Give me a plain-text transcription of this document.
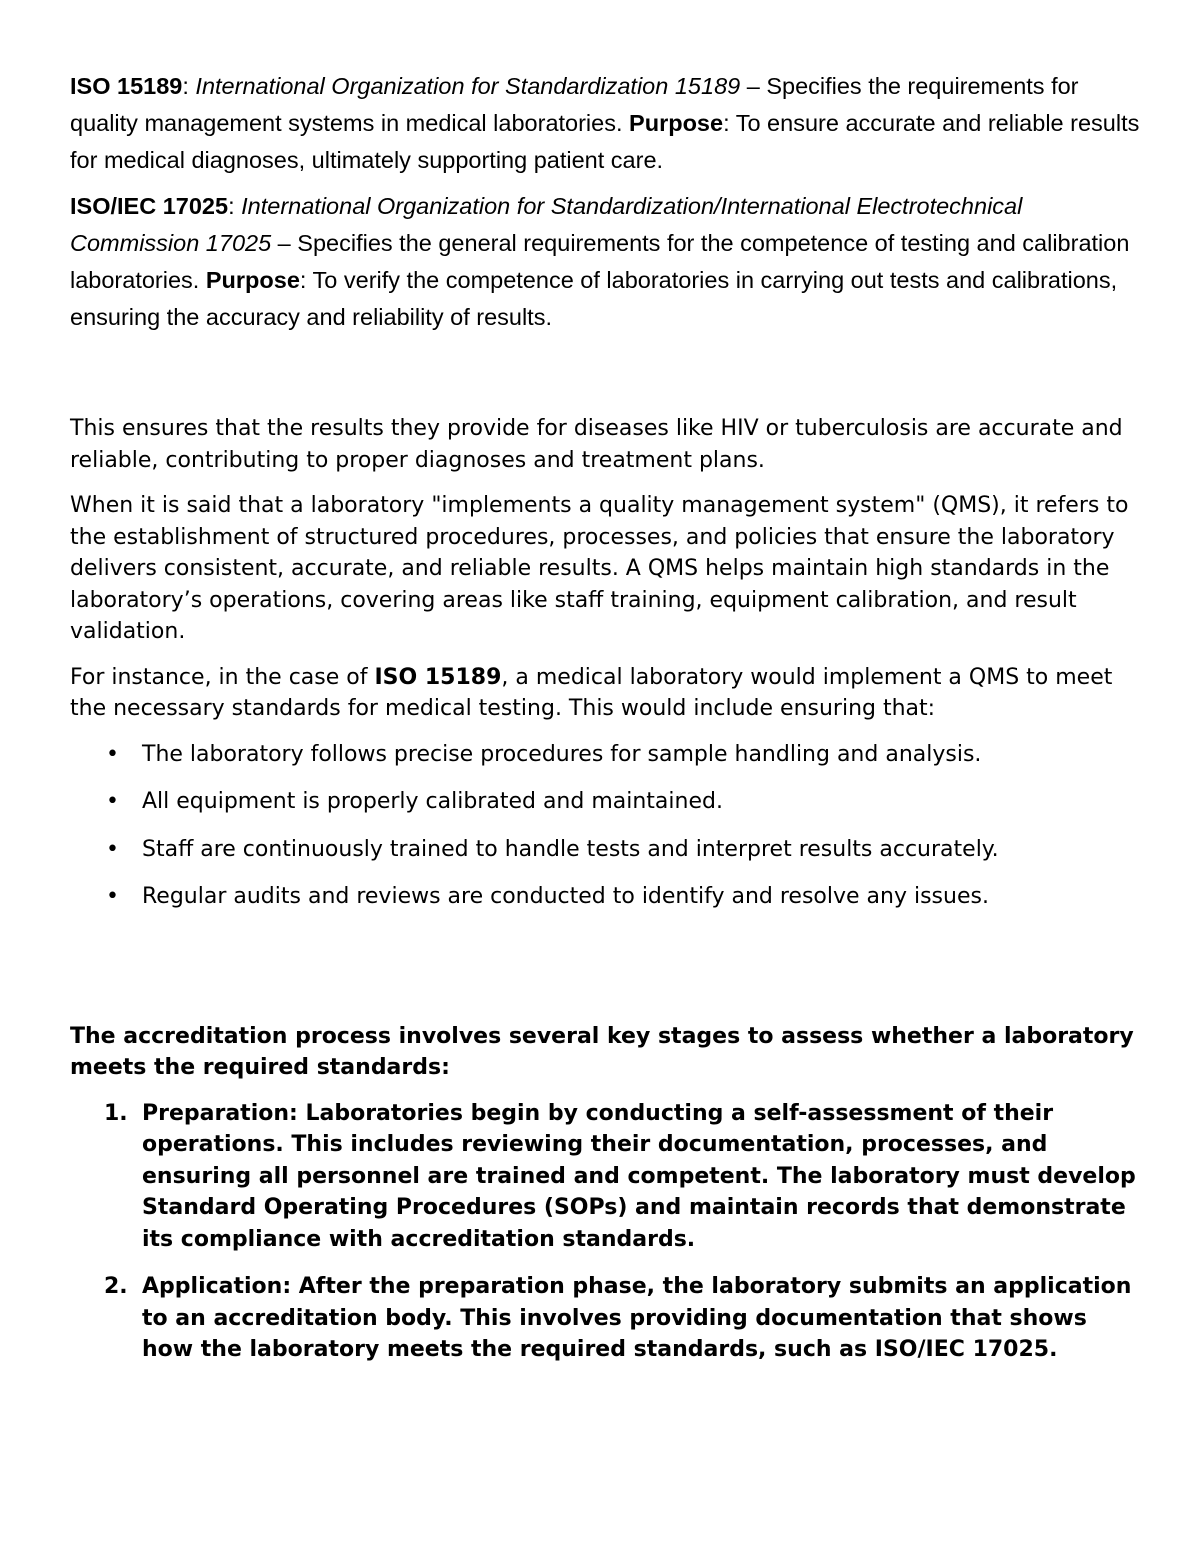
ISO 15189: International Organization for Standardization 15189 – Specifies the requirements for quality management systems in medical laboratories. Purpose: To ensure accurate and reliable results for medical diagnoses, ultimately supporting patient care.

ISO/IEC 17025: International Organization for Standardization/International Electrotechnical Commission 17025 – Specifies the general requirements for the competence of testing and calibration laboratories. Purpose: To verify the competence of laboratories in carrying out tests and calibrations, ensuring the accuracy and reliability of results.

This ensures that the results they provide for diseases like HIV or tuberculosis are accurate and reliable, contributing to proper diagnoses and treatment plans.

When it is said that a laboratory "implements a quality management system" (QMS), it refers to the establishment of structured procedures, processes, and policies that ensure the laboratory delivers consistent, accurate, and reliable results. A QMS helps maintain high standards in the laboratory’s operations, covering areas like staff training, equipment calibration, and result validation.

For instance, in the case of ISO 15189, a medical laboratory would implement a QMS to meet the necessary standards for medical testing. This would include ensuring that:

• The laboratory follows precise procedures for sample handling and analysis.
• All equipment is properly calibrated and maintained.
• Staff are continuously trained to handle tests and interpret results accurately.
• Regular audits and reviews are conducted to identify and resolve any issues.

The accreditation process involves several key stages to assess whether a laboratory meets the required standards:

1. Preparation: Laboratories begin by conducting a self-assessment of their operations. This includes reviewing their documentation, processes, and ensuring all personnel are trained and competent. The laboratory must develop Standard Operating Procedures (SOPs) and maintain records that demonstrate its compliance with accreditation standards.
2. Application: After the preparation phase, the laboratory submits an application to an accreditation body. This involves providing documentation that shows how the laboratory meets the required standards, such as ISO/IEC 17025.
